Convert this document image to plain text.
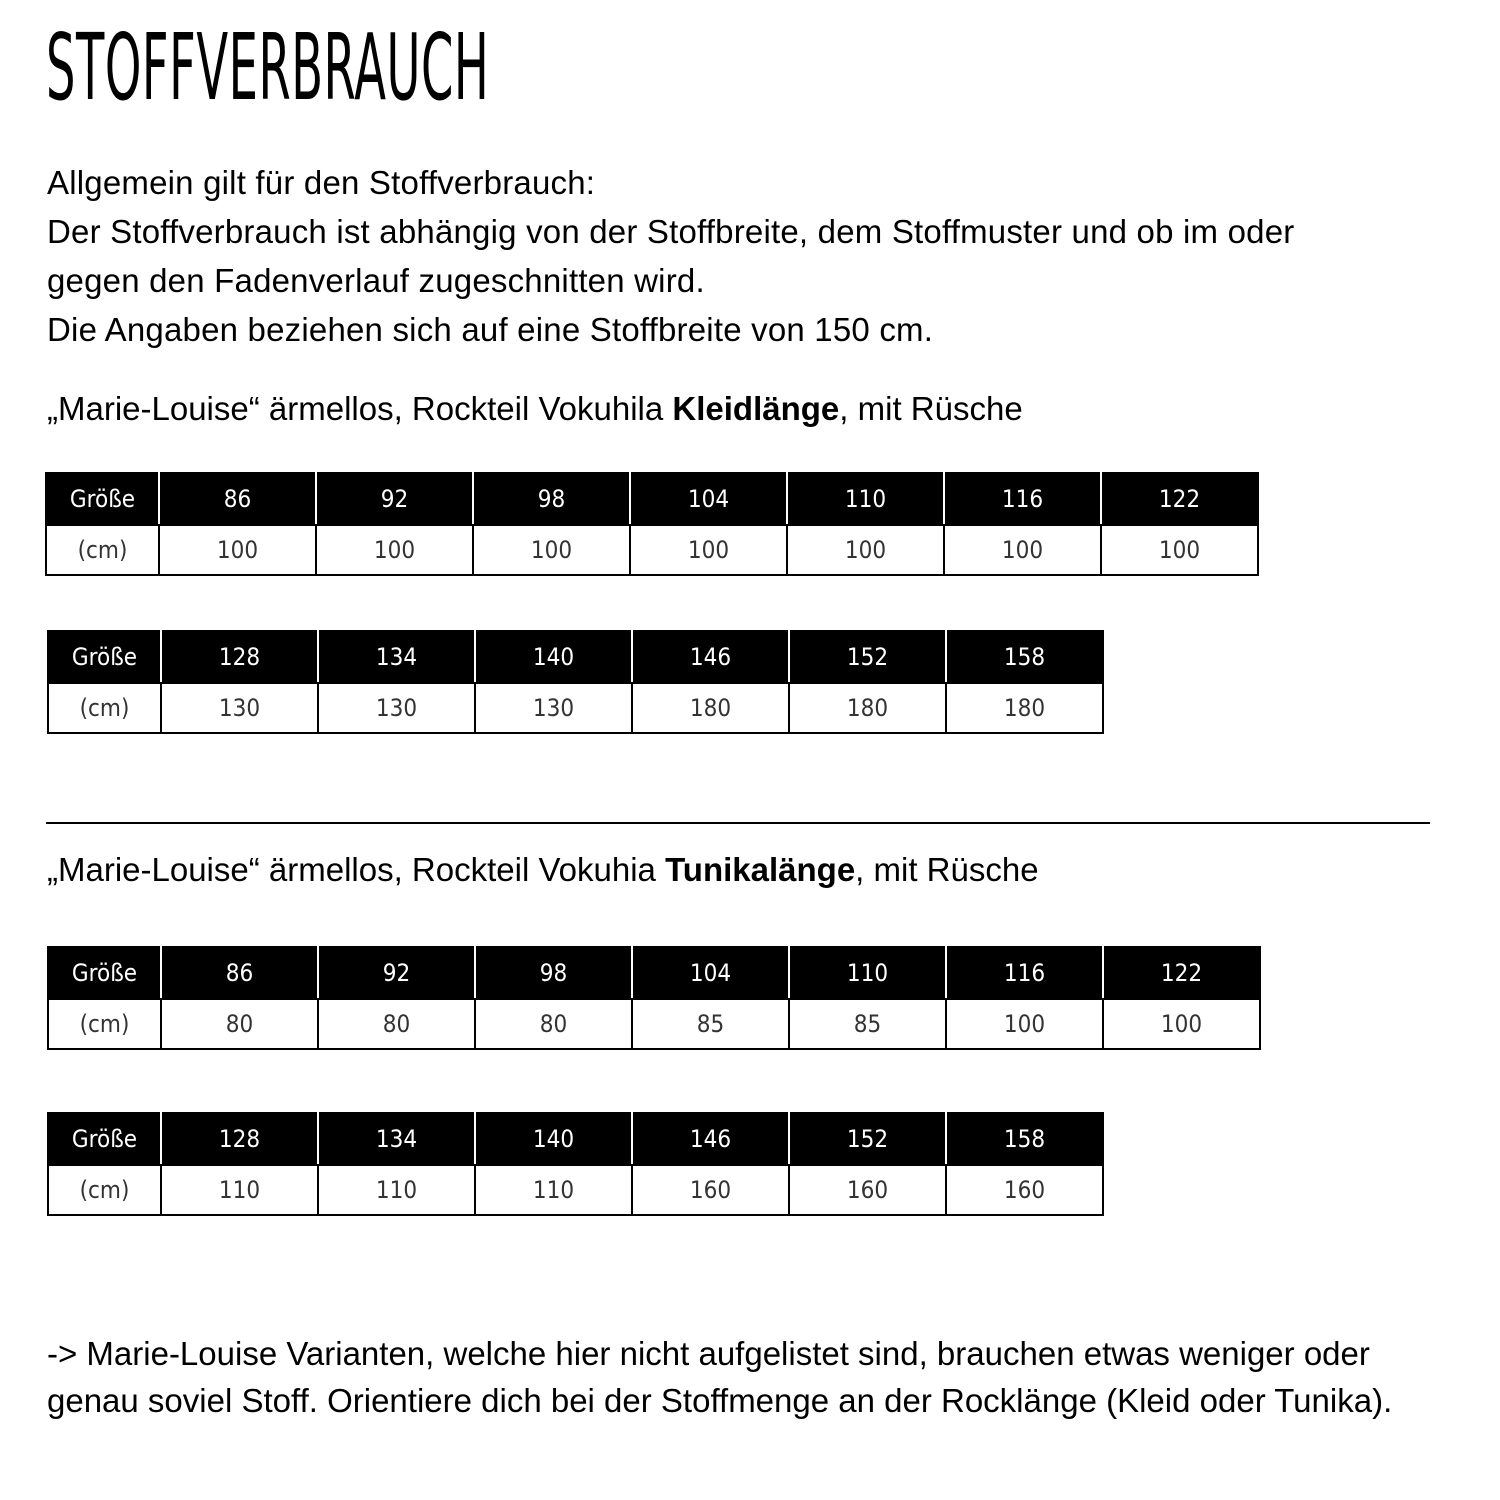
STOFFVERBRAUCH
Allgemein gilt für den Stoffverbrauch:
Der Stoffverbrauch ist abhängig von der Stoffbreite, dem Stoffmuster und ob im oder
gegen den Fadenverlauf zugeschnitten wird.
Die Angaben beziehen sich auf eine Stoffbreite von 150 cm.
„Marie-Louise“ ärmellos, Rockteil Vokuhila Kleidlänge, mit Rüsche
Größe	86	92	98	104	110	116	122
(cm)	100	100	100	100	100	100	100
Größe	128	134	140	146	152	158
(cm)	130	130	130	180	180	180
„Marie-Louise“ ärmellos, Rockteil Vokuhia Tunikalänge, mit Rüsche
Größe	86	92	98	104	110	116	122
(cm)	80	80	80	85	85	100	100
Größe	128	134	140	146	152	158
(cm)	110	110	110	160	160	160
-> Marie-Louise Varianten, welche hier nicht aufgelistet sind, brauchen etwas weniger oder genau soviel Stoff. Orientiere dich bei der Stoffmenge an der Rocklänge (Kleid oder Tunika).
